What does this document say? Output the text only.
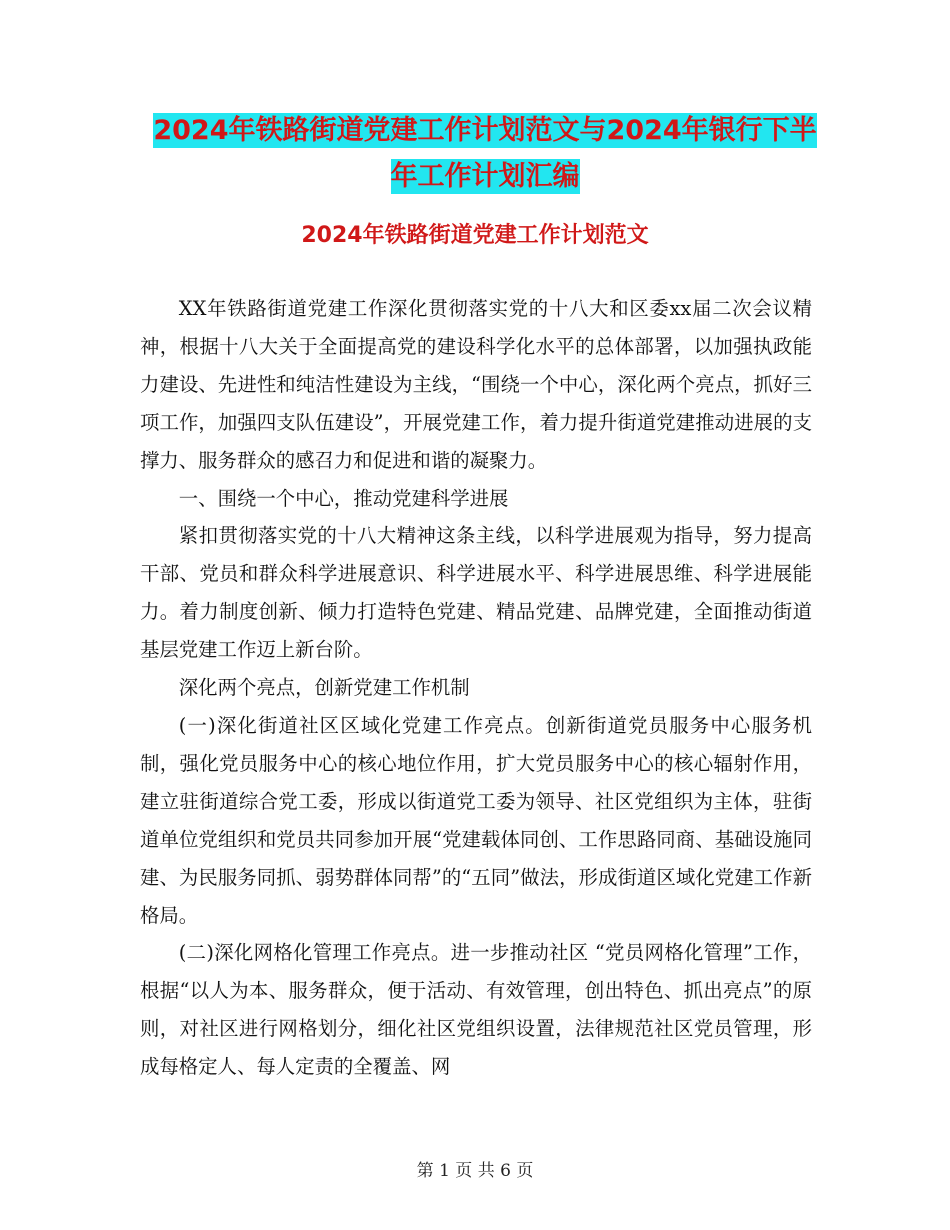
2024年铁路街道党建工作计划范文与2024年银行下半
年工作计划汇编
2024年铁路街道党建工作计划范文

XX年铁路街道党建工作深化贯彻落实党的十八大和区委xx届二次会议精神，根据十八大关于全面提高党的建设科学化水平的总体部署，以加强执政能力建设、先进性和纯洁性建设为主线，“围绕一个中心，深化两个亮点，抓好三项工作，加强四支队伍建设”，开展党建工作，着力提升街道党建推动进展的支撑力、服务群众的感召力和促进和谐的凝聚力。

一、围绕一个中心，推动党建科学进展

紧扣贯彻落实党的十八大精神这条主线，以科学进展观为指导，努力提高干部、党员和群众科学进展意识、科学进展水平、科学进展思维、科学进展能力。着力制度创新、倾力打造特色党建、精品党建、品牌党建，全面推动街道基层党建工作迈上新台阶。

深化两个亮点，创新党建工作机制

(一)深化街道社区区域化党建工作亮点。创新街道党员服务中心服务机制，强化党员服务中心的核心地位作用，扩大党员服务中心的核心辐射作用，建立驻街道综合党工委，形成以街道党工委为领导、社区党组织为主体，驻街道单位党组织和党员共同参加开展“党建载体同创、工作思路同商、基础设施同建、为民服务同抓、弱势群体同帮”的“五同”做法，形成街道区域化党建工作新格局。

(二)深化网格化管理工作亮点。进一步推动社区 “党员网格化管理”工作，根据“以人为本、服务群众，便于活动、有效管理，创出特色、抓出亮点”的原则，对社区进行网格划分，细化社区党组织设置，法律规范社区党员管理，形成每格定人、每人定责的全覆盖、网

第 1 页 共 6 页
